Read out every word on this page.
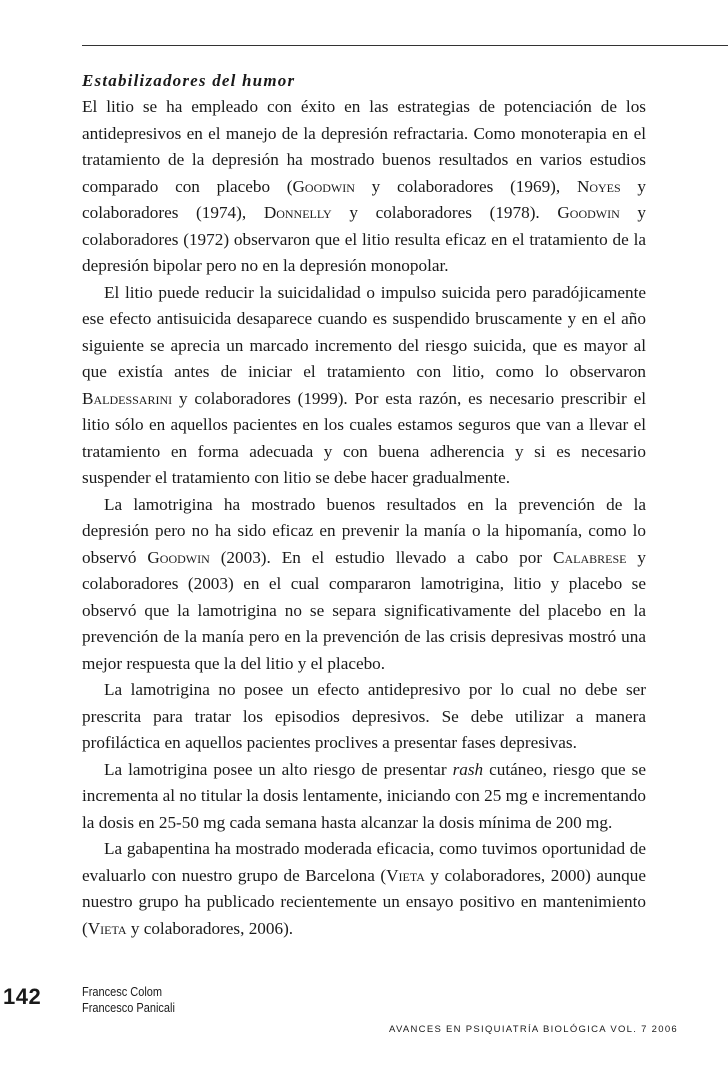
Estabilizadores del humor

El litio se ha empleado con éxito en las estrategias de potenciación de los antidepresivos en el manejo de la depresión refractaria. Como monoterapia en el tratamiento de la depresión ha mostrado buenos resultados en varios estudios comparado con placebo (Goodwin y colaboradores (1969), Noyes y colaboradores (1974), Donnelly y colaboradores (1978). Goodwin y colaboradores (1972) observaron que el litio resulta eficaz en el tratamiento de la depresión bipolar pero no en la depresión monopolar.

El litio puede reducir la suicidalidad o impulso suicida pero paradójicamente ese efecto antisuicida desaparece cuando es suspendido bruscamente y en el año siguiente se aprecia un marcado incremento del riesgo suicida, que es mayor al que existía antes de iniciar el tratamiento con litio, como lo observaron Baldessarini y colaboradores (1999). Por esta razón, es necesario prescribir el litio sólo en aquellos pacientes en los cuales estamos seguros que van a llevar el tratamiento en forma adecuada y con buena adherencia y si es necesario suspender el tratamiento con litio se debe hacer gradualmente.

La lamotrigina ha mostrado buenos resultados en la prevención de la depresión pero no ha sido eficaz en prevenir la manía o la hipomanía, como lo observó Goodwin (2003). En el estudio llevado a cabo por Calabrese y colaboradores (2003) en el cual compararon lamotrigina, litio y placebo se observó que la lamotrigina no se separa significativamente del placebo en la prevención de la manía pero en la prevención de las crisis depresivas mostró una mejor respuesta que la del litio y el placebo.

La lamotrigina no posee un efecto antidepresivo por lo cual no debe ser prescrita para tratar los episodios depresivos. Se debe utilizar a manera profiláctica en aquellos pacientes proclives a presentar fases depresivas.

La lamotrigina posee un alto riesgo de presentar rash cutáneo, riesgo que se incrementa al no titular la dosis lentamente, iniciando con 25 mg e incrementando la dosis en 25-50 mg cada semana hasta alcanzar la dosis mínima de 200 mg.

La gabapentina ha mostrado moderada eficacia, como tuvimos oportunidad de evaluarlo con nuestro grupo de Barcelona (Vieta y colaboradores, 2000) aunque nuestro grupo ha publicado recientemente un ensayo positivo en mantenimiento (Vieta y colaboradores, 2006).

142	Francesc Colom
Francesco Panicali
AVANCES EN PSIQUIATRÍA BIOLÓGICA VOL. 7 2006
